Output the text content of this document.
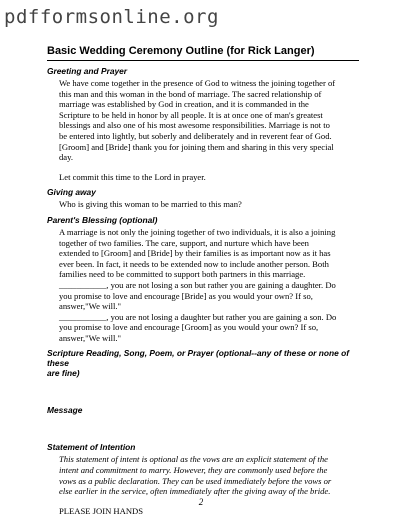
pdfformsonline.org
Basic Wedding Ceremony Outline (for Rick Langer)
Greeting and Prayer
We have come together in the presence of God to witness the joining together of
this man and this woman in the bond of marriage. The sacred relationship of
marriage was established by God in creation, and it is commanded in the
Scripture to be held in honor by all people. It is at once one of man's greatest
blessings and also one of his most awesome responsibilities. Marriage is not to
be entered into lightly, but soberly and deliberately and in reverent fear of God.
[Groom] and [Bride] thank you for joining them and sharing in this very special
day.
Let commit this time to the Lord in prayer.
Giving away
Who is giving this woman to be married to this man?
Parent's Blessing (optional)
A marriage is not only the joining together of two individuals, it is also a joining
together of two families. The care, support, and nurture which have been
extended to [Groom] and [Bride] by their families is as important now as it has
ever been. In fact, it needs to be extended now to include another person. Both
families need to be committed to support both partners in this marriage.
___________, you are not losing a son but rather you are gaining a daughter. Do
you promise to love and encourage [Bride] as you would your own? If so,
answer,"We will."
___________, you are not losing a daughter but rather you are gaining a son. Do
you promise to love and encourage [Groom] as you would your own? If so,
answer,"We will."
Scripture Reading, Song, Poem, or Prayer (optional--any of these or none of these
are fine)
Message
Statement of Intention
This statement of intent is optional as the vows are an explicit statement of the
intent and commitment to marry. However, they are commonly used before the
vows as a public declaration. They can be used immediately before the vows or
else earlier in the service, often immediately after the giving away of the bride.
PLEASE JOIN HANDS
2
